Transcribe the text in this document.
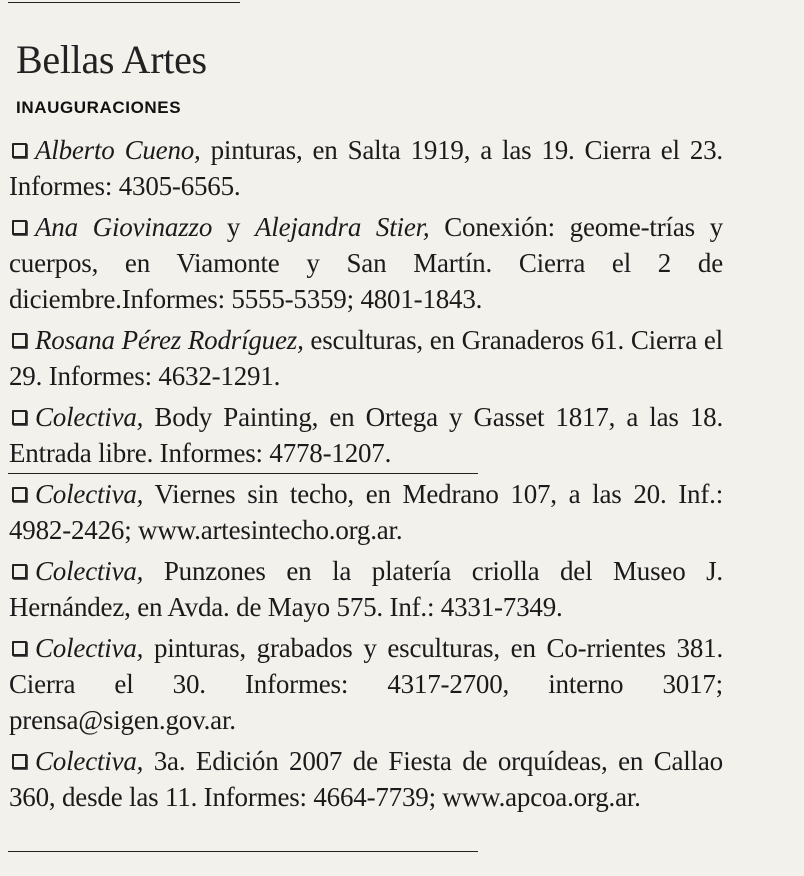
Bellas Artes
INAUGURACIONES

Alberto Cueno, pinturas, en Salta 1919, a las 19. Cierra el 23. Informes: 4305-6565.

Ana Giovinazzo y Alejandra Stier, Conexión: geome-trías y cuerpos, en Viamonte y San Martín. Cierra el 2 de diciembre.Informes: 5555-5359; 4801-1843.

Rosana Pérez Rodríguez, esculturas, en Granaderos 61. Cierra el 29. Informes: 4632-1291.

Colectiva, Body Painting, en Ortega y Gasset 1817, a las 18. Entrada libre. Informes: 4778-1207.

Colectiva, Viernes sin techo, en Medrano 107, a las 20. Inf.: 4982-2426; www.artesintecho.org.ar.

Colectiva, Punzones en la platería criolla del Museo J. Hernández, en Avda. de Mayo 575. Inf.: 4331-7349.

Colectiva, pinturas, grabados y esculturas, en Co-rrientes 381. Cierra el 30. Informes: 4317-2700, interno 3017; prensa@sigen.gov.ar.

Colectiva, 3a. Edición 2007 de Fiesta de orquídeas, en Callao 360, desde las 11. Informes: 4664-7739; www.apcoa.org.ar.
